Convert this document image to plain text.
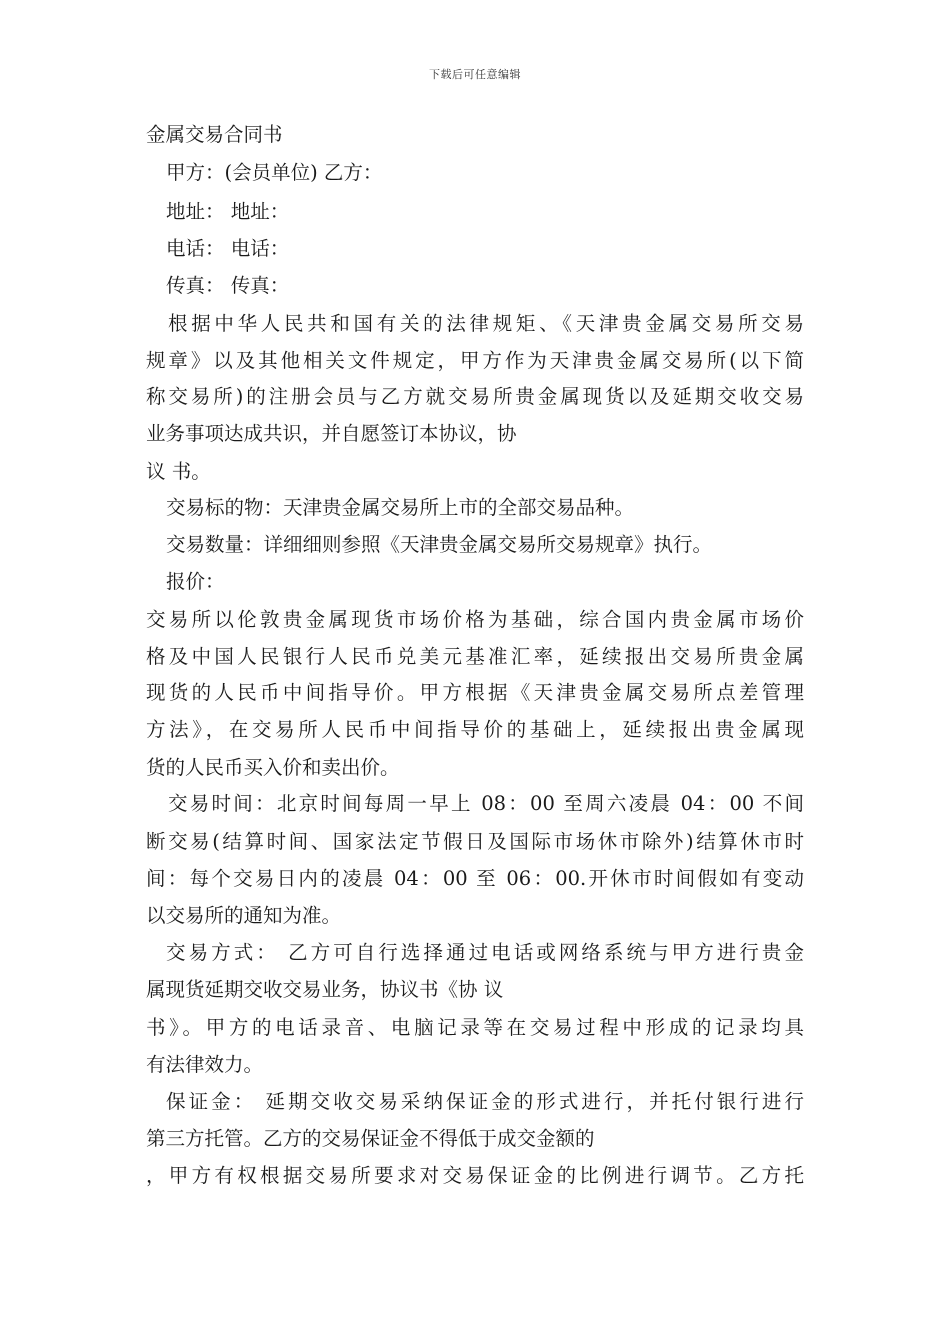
下载后可任意编辑
金属交易合同书
甲方：(会员单位) 乙方：
地址： 地址：
电话： 电话：
传真： 传真：
根据中华人民共和国有关的法律规矩、《天津贵金属交易所交易
规章》以及其他相关文件规定，甲方作为天津贵金属交易所(以下简
称交易所)的注册会员与乙方就交易所贵金属现货以及延期交收交易
业务事项达成共识，并自愿签订本协议，协
议 书。
交易标的物：天津贵金属交易所上市的全部交易品种。
交易数量：详细细则参照《天津贵金属交易所交易规章》执行。
报价：
交易所以伦敦贵金属现货市场价格为基础，综合国内贵金属市场价
格及中国人民银行人民币兑美元基准汇率，延续报出交易所贵金属
现货的人民币中间指导价。甲方根据《天津贵金属交易所点差管理
方法》，在交易所人民币中间指导价的基础上，延续报出贵金属现
货的人民币买入价和卖出价。
交易时间：北京时间每周一早上 08：00 至周六凌晨 04：00 不间
断交易(结算时间、国家法定节假日及国际市场休市除外)结算休市时
间：每个交易日内的凌晨 04：00 至 06：00.开休市时间假如有变动
以交易所的通知为准。
交易方式： 乙方可自行选择通过电话或网络系统与甲方进行贵金
属现货延期交收交易业务，协议书《协 议
书》。甲方的电话录音、电脑记录等在交易过程中形成的记录均具
有法律效力。
保证金： 延期交收交易采纳保证金的形式进行，并托付银行进行
第三方托管。乙方的交易保证金不得低于成交金额的
，甲方有权根据交易所要求对交易保证金的比例进行调节。乙方托
